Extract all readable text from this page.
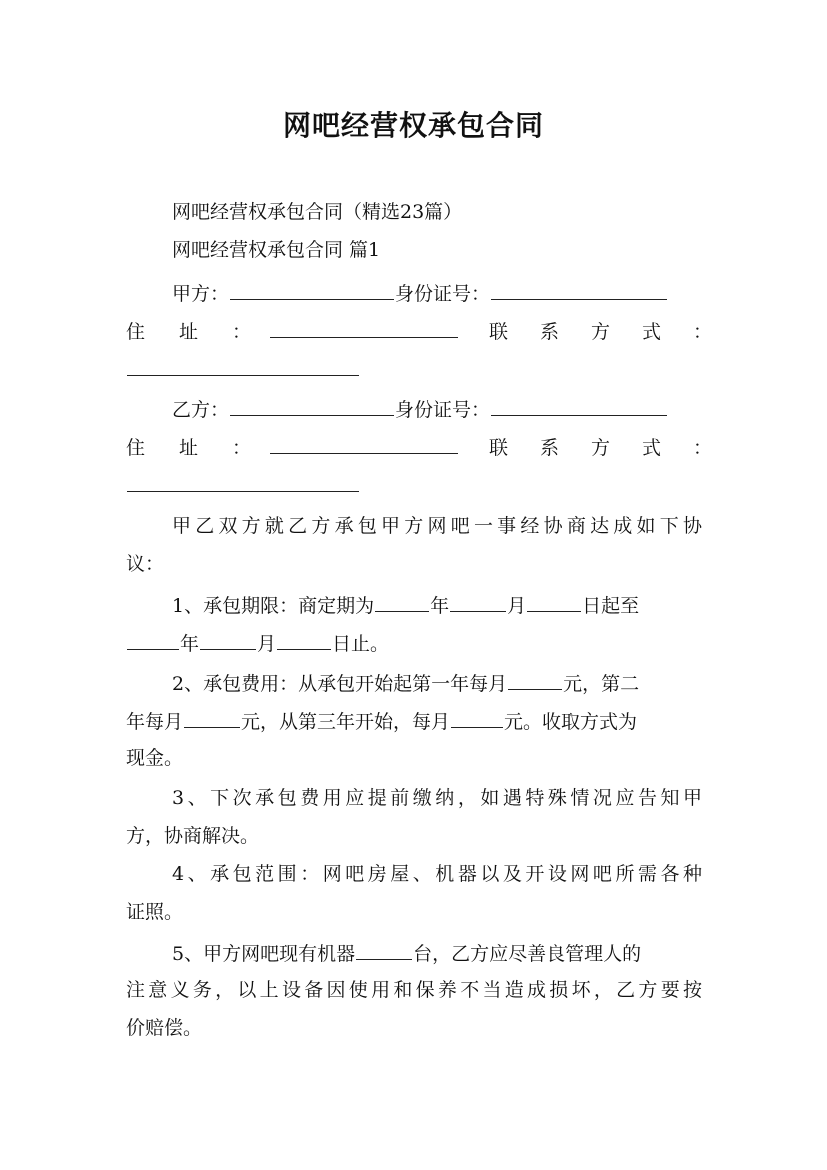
网吧经营权承包合同
网吧经营权承包合同（精选23篇）
网吧经营权承包合同 篇1
甲方：	身份证号：
住址：	联系方式：
乙方：	身份证号：
住址：	联系方式：
甲乙双方就乙方承包甲方网吧一事经协商达成如下协
议：
1、承包期限：商定期为	年	月	日起至
年	月	日止。
2、承包费用：从承包开始起第一年每月	元，第二
年每月	元，从第三年开始，每月	元。收取方式为
现金。
3、下次承包费用应提前缴纳，如遇特殊情况应告知甲
方，协商解决。
4、承包范围：网吧房屋、机器以及开设网吧所需各种
证照。
5、甲方网吧现有机器	台，乙方应尽善良管理人的
注意义务，以上设备因使用和保养不当造成损坏，乙方要按
价赔偿。
